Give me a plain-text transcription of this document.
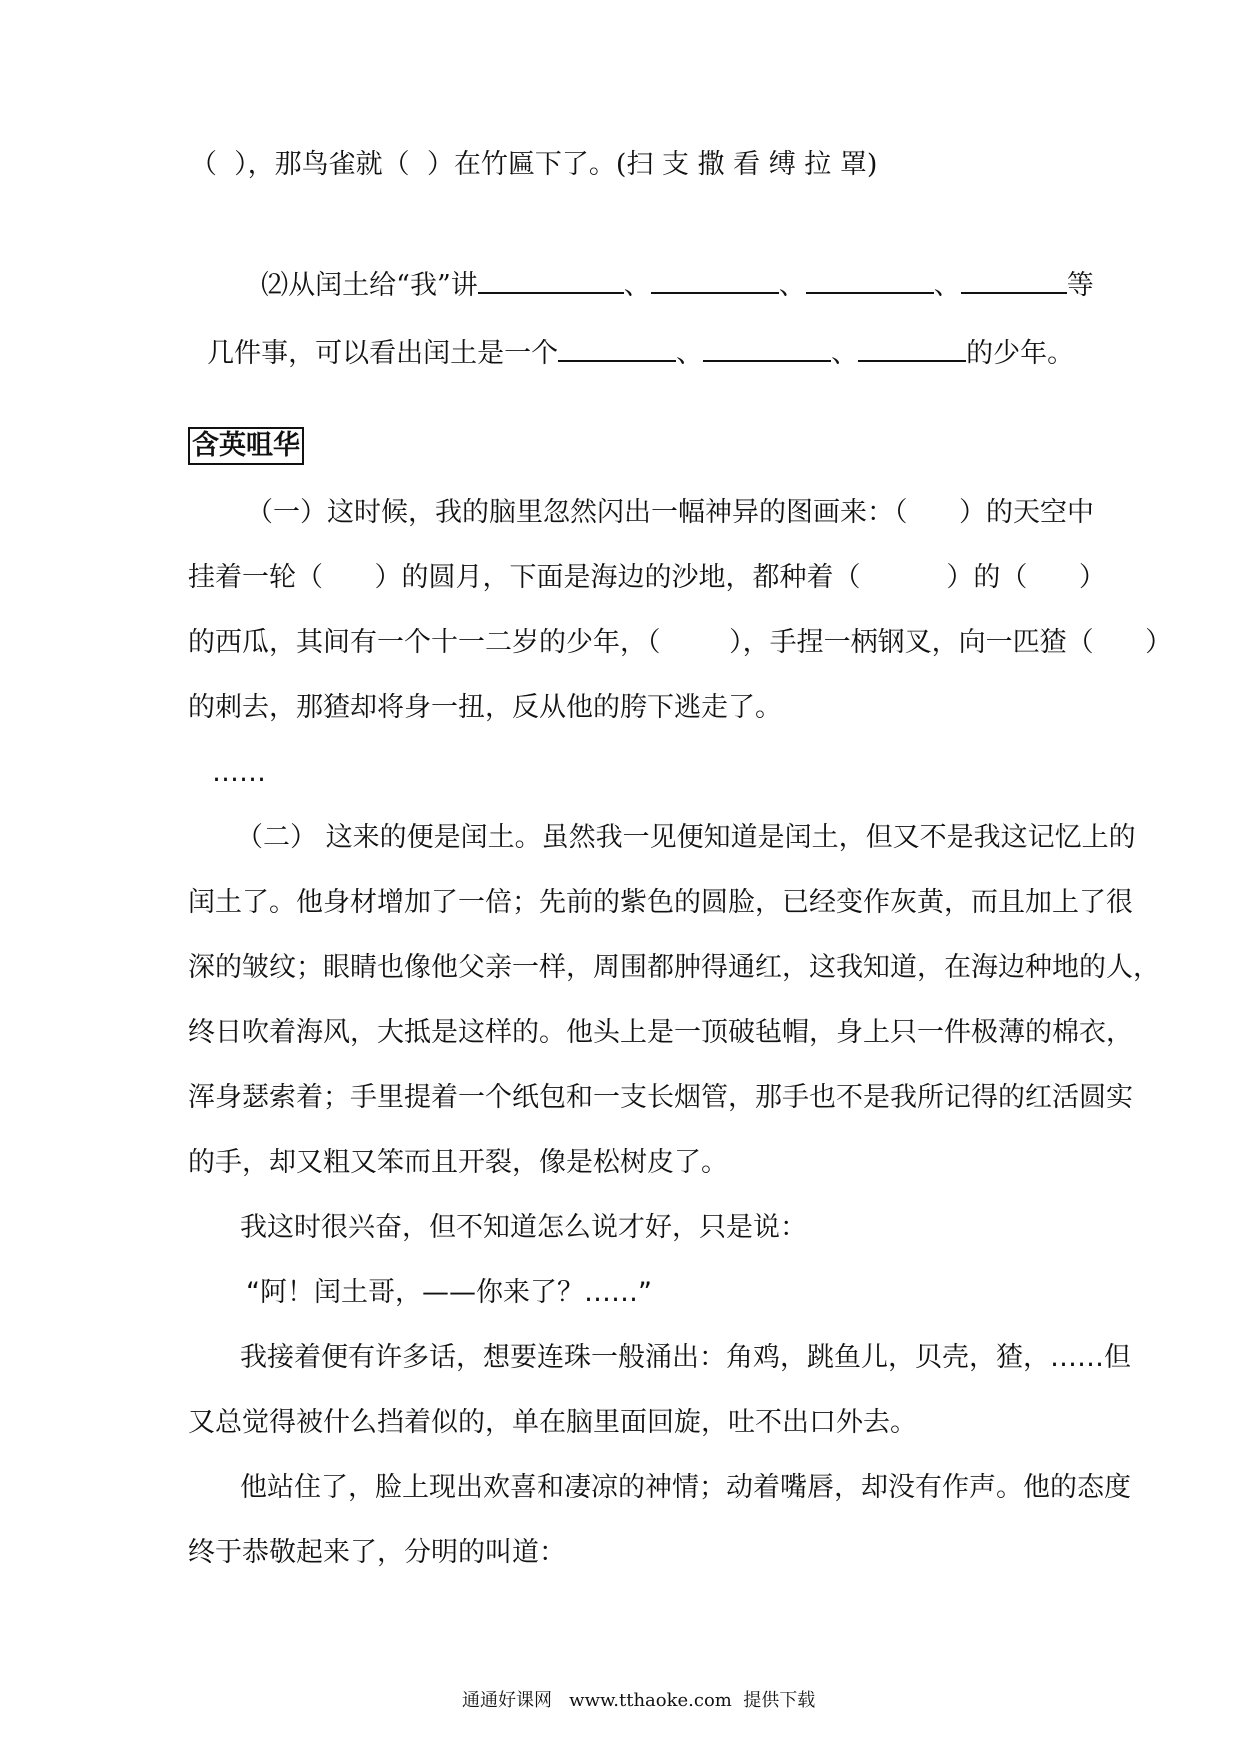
（  ），那鸟雀就（  ）在竹匾下了。(扫 支 撒 看 缚 拉 罩)

⑵从闰土给“我”讲	、	、	、	等

几件事，可以看出闰土是一个	、	、	的少年。

含英咀华
（一）这时候，我的脑里忽然闪出一幅神异的图画来：（      ）的天空中
挂着一轮（      ）的圆月，下面是海边的沙地，都种着（          ）的（      ）
的西瓜，其间有一个十一二岁的少年，（        ），手捏一柄钢叉，向一匹猹（      ）
的刺去，那猹却将身一扭，反从他的胯下逃走了。
……
（二） 这来的便是闰土。虽然我一见便知道是闰土，但又不是我这记忆上的
闰土了。他身材增加了一倍；先前的紫色的圆脸，已经变作灰黄，而且加上了很
深的皱纹；眼睛也像他父亲一样，周围都肿得通红，这我知道，在海边种地的人，
终日吹着海风，大抵是这样的。他头上是一顶破毡帽，身上只一件极薄的棉衣，
浑身瑟索着；手里提着一个纸包和一支长烟管，那手也不是我所记得的红活圆实
的手，却又粗又笨而且开裂，像是松树皮了。
我这时很兴奋，但不知道怎么说才好，只是说：
“阿！闰土哥，——你来了？……”
我接着便有许多话，想要连珠一般涌出：角鸡，跳鱼儿，贝壳，猹，……但
又总觉得被什么挡着似的，单在脑里面回旋，吐不出口外去。
他站住了，脸上现出欢喜和凄凉的神情；动着嘴唇，却没有作声。他的态度
终于恭敬起来了，分明的叫道：
通通好课网   www.tthaoke.com  提供下载
